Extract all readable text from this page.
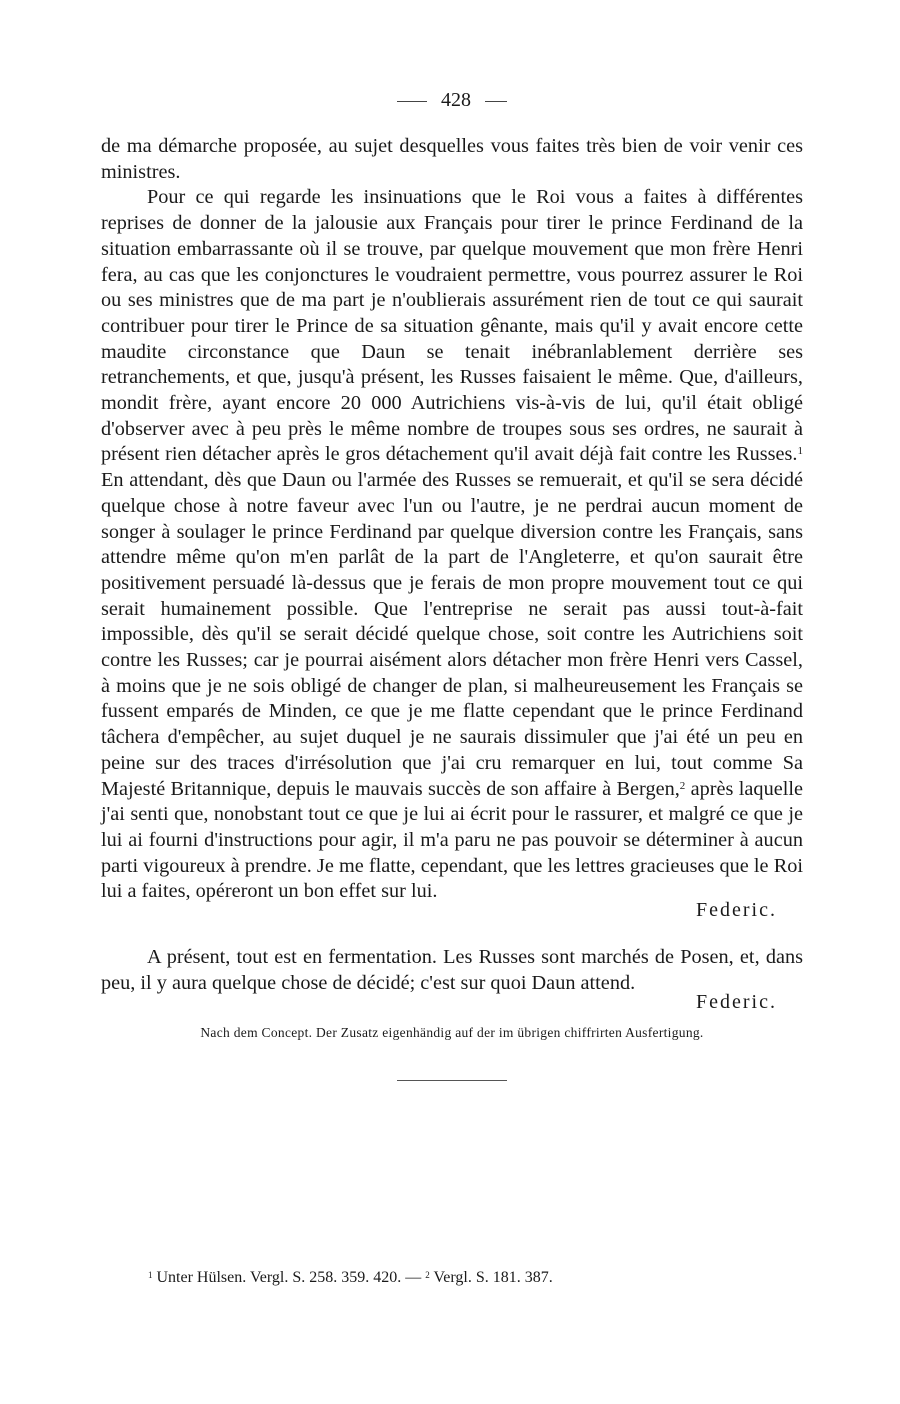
428

de ma démarche proposée, au sujet desquelles vous faites très bien de voir venir ces ministres.

Pour ce qui regarde les insinuations que le Roi vous a faites à différentes reprises de donner de la jalousie aux Français pour tirer le prince Ferdinand de la situation embarrassante où il se trouve, par quelque mouvement que mon frère Henri fera, au cas que les conjonctures le voudraient permettre, vous pourrez assurer le Roi ou ses ministres que de ma part je n'oublierais assurément rien de tout ce qui saurait contribuer pour tirer le Prince de sa situation gênante, mais qu'il y avait encore cette maudite circonstance que Daun se tenait inébranlablement derrière ses retranchements, et que, jusqu'à présent, les Russes faisaient le même. Que, d'ailleurs, mondit frère, ayant encore 20 000 Autrichiens vis-à-vis de lui, qu'il était obligé d'observer avec à peu près le même nombre de troupes sous ses ordres, ne saurait à présent rien détacher après le gros détachement qu'il avait déjà fait contre les Russes.$^1$ En attendant, dès que Daun ou l'armée des Russes se remuerait, et qu'il se sera décidé quelque chose à notre faveur avec l'un ou l'autre, je ne perdrai aucun moment de songer à soulager le prince Ferdinand par quelque diversion contre les Français, sans attendre même qu'on m'en parlât de la part de l'Angleterre, et qu'on saurait être positivement persuadé là-dessus que je ferais de mon propre mouvement tout ce qui serait humainement possible. Que l'entreprise ne serait pas aussi tout-à-fait impossible, dès qu'il se serait décidé quelque chose, soit contre les Autrichiens soit contre les Russes; car je pourrai aisément alors détacher mon frère Henri vers Cassel, à moins que je ne sois obligé de changer de plan, si malheureusement les Français se fussent emparés de Minden, ce que je me flatte cependant que le prince Ferdinand tâchera d'empêcher, au sujet duquel je ne saurais dissimuler que j'ai été un peu en peine sur des traces d'irrésolution que j'ai cru remarquer en lui, tout comme Sa Majesté Britannique, depuis le mauvais succès de son affaire à Bergen,$^2$ après laquelle j'ai senti que, nonobstant tout ce que je lui ai écrit pour le rassurer, et malgré ce que je lui ai fourni d'instructions pour agir, il m'a paru ne pas pouvoir se déterminer à aucun parti vigoureux à prendre. Je me flatte, cependant, que les lettres gracieuses que le Roi lui a faites, opéreront un bon effet sur lui.

Federic.

A présent, tout est en fermentation. Les Russes sont marchés de Posen, et, dans peu, il y aura quelque chose de décidé; c'est sur quoi Daun attend.

Federic.
Nach dem Concept. Der Zusatz eigenhändig auf der im übrigen chiffrirten Ausfertigung.
$^1$ Unter Hülsen. Vergl. S. 258. 359. 420. — $^2$ Vergl. S. 181. 387.
